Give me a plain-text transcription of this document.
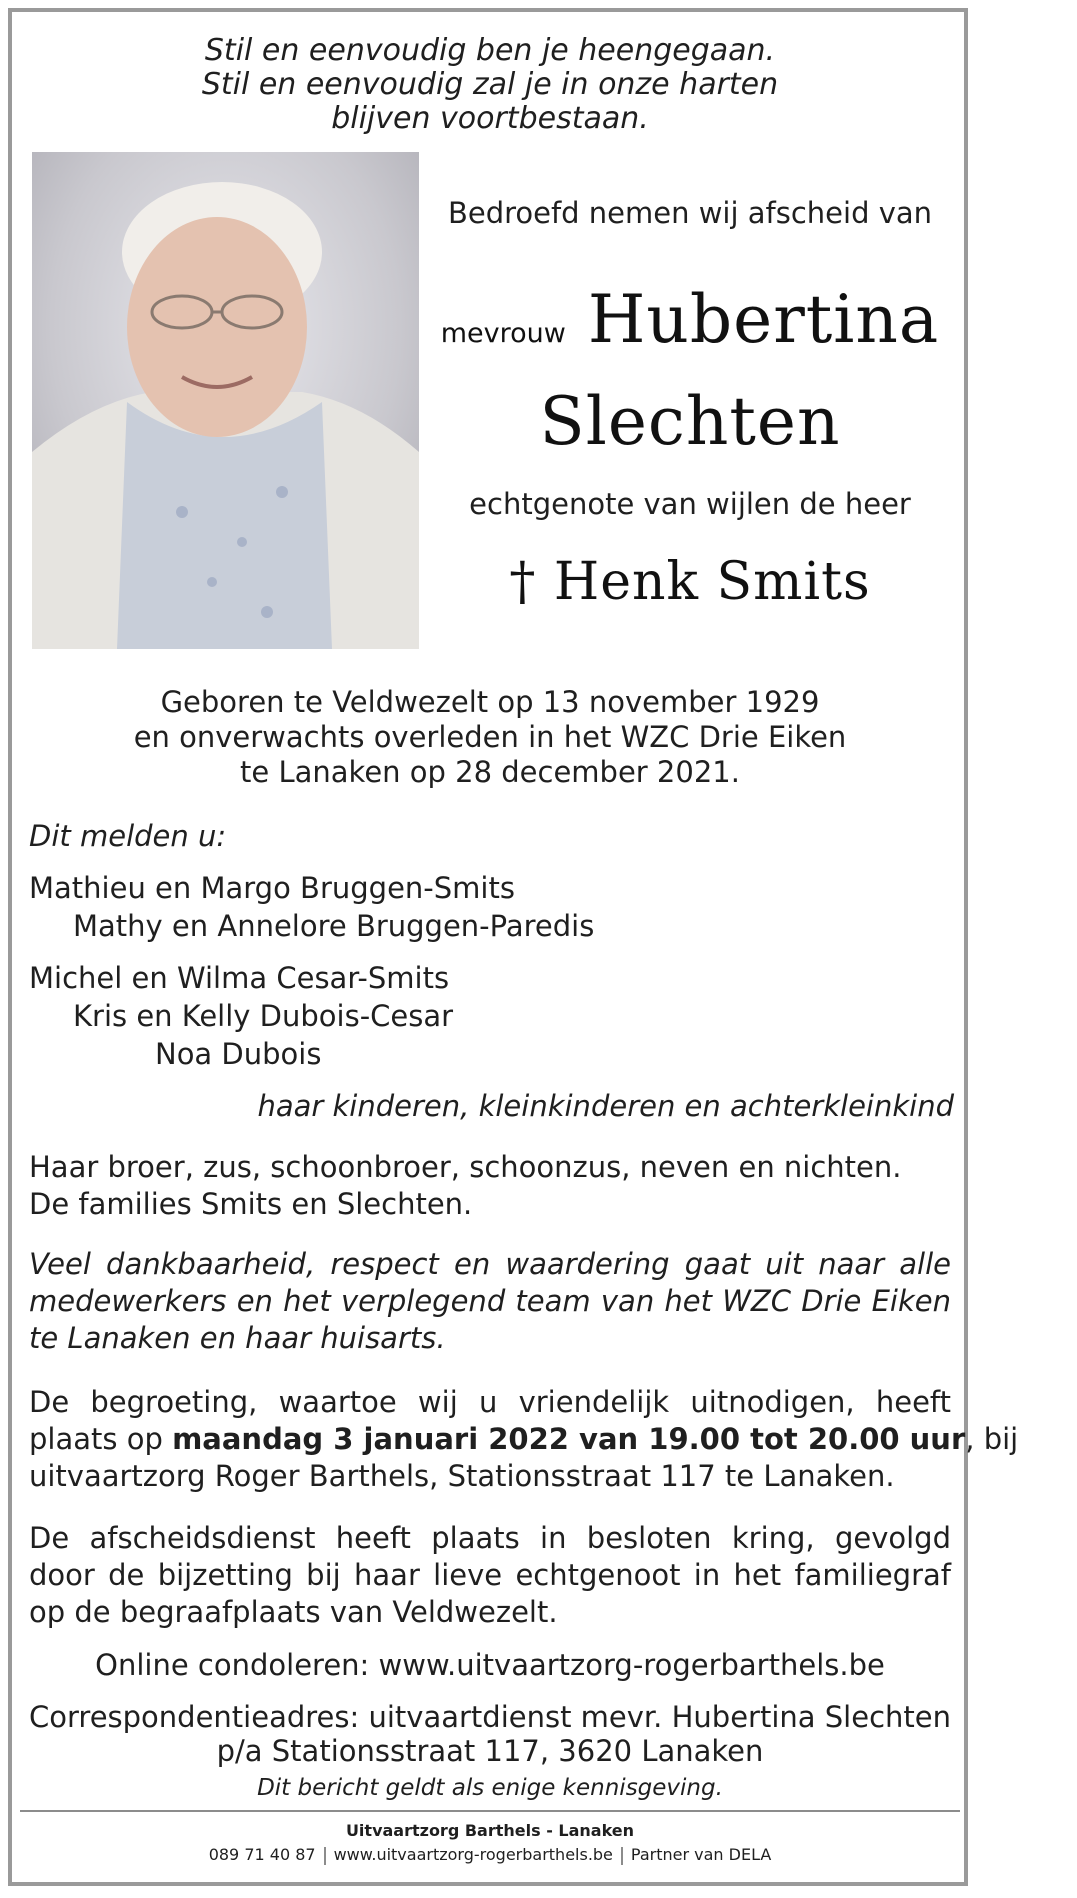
Stil en eenvoudig ben je heengegaan.
Stil en eenvoudig zal je in onze harten
blijven voortbestaan.
Bedroefd nemen wij afscheid van
mevrouw Hubertina
Slechten
echtgenote van wijlen de heer
† Henk Smits
Geboren te Veldwezelt op 13 november 1929
en onverwachts overleden in het WZC Drie Eiken
te Lanaken op 28 december 2021.
Dit melden u:
Mathieu en Margo Bruggen-Smits
Mathy en Annelore Bruggen-Paredis
Michel en Wilma Cesar-Smits
Kris en Kelly Dubois-Cesar
Noa Dubois
haar kinderen, kleinkinderen en achterkleinkind
Haar broer, zus, schoonbroer, schoonzus, neven en nichten.
De families Smits en Slechten.
Veel dankbaarheid, respect en waardering gaat uit naar alle
medewerkers en het verplegend team van het WZC Drie Eiken
te Lanaken en haar huisarts.
De begroeting, waartoe wij u vriendelijk uitnodigen, heeft
plaats op maandag 3 januari 2022 van 19.00 tot 20.00 uur, bij
uitvaartzorg Roger Barthels, Stationsstraat 117 te Lanaken.
De afscheidsdienst heeft plaats in besloten kring, gevolgd
door de bijzetting bij haar lieve echtgenoot in het familiegraf
op de begraafplaats van Veldwezelt.
Online condoleren: www.uitvaartzorg-rogerbarthels.be
Correspondentieadres: uitvaartdienst mevr. Hubertina Slechten
p/a Stationsstraat 117, 3620 Lanaken
Dit bericht geldt als enige kennisgeving.
Uitvaartzorg Barthels - Lanaken
089 71 40 87 www.uitvaartzorg-rogerbarthels.be Partner van DELA
